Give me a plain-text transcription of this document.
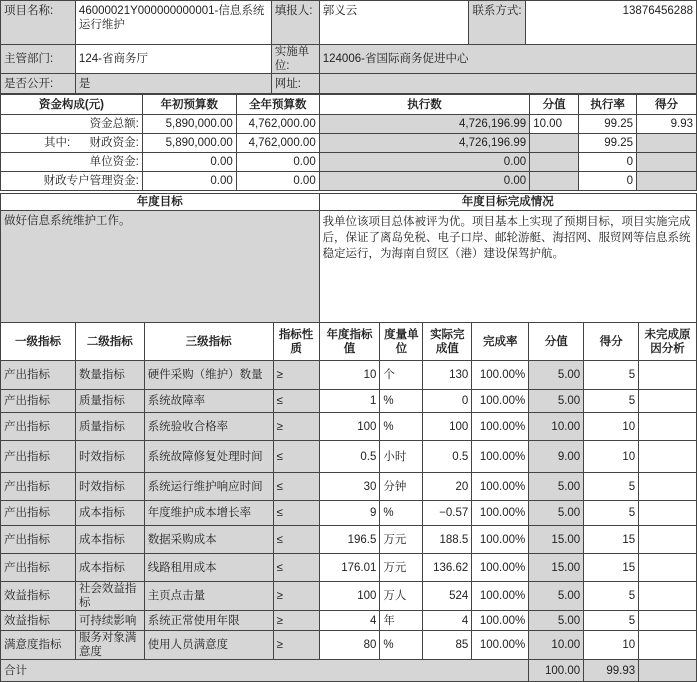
项目名称:	46000021Y000000000001-信息系统运行维护	填报人:	郭义云	联系方式:	13876456288
主管部门:	124-省商务厅	实施单位:	124006-省国际商务促进中心		
是否公开:	是	网址:			
资金构成(元)	年初预算数	全年预算数	执行数	分值	执行率	得分
资金总额:	5,890,000.00	4,762,000.00	4,726,196.99	10.00	99.25	9.93

其中: 财政资金:	5,890,000.00	4,762,000.00	4,726,196.99		99.25	
单位资金:	0.00	0.00	0.00		0	
财政专户管理资金:	0.00	0.00	0.00		0	
年度目标	年度目标完成情况
做好信息系统维护工作。	我单位该项目总体被评为优。项目基本上实现了预期目标，项目实施完成后，保证了离岛免税、电子口岸、邮轮游艇、海招网、服贸网等信息系统稳定运行，为海南自贸区（港）建设保驾护航。
一级指标	二级指标	三级指标	指标性质	年度指标值	度量单位	实际完成值	完成率	分值	得分	未完成原因分析
产出指标	数量指标	硬件采购（维护）数量	≥	10	个	130	100.00%	5.00	5	
产出指标	质量指标	系统故障率	≤	1	%	0	100.00%	5.00	5	
产出指标	质量指标	系统验收合格率	≥	100	%	100	100.00%	10.00	10	
产出指标	时效指标	系统故障修复处理时间	≤	0.5	小时	0.5	100.00%	9.00	10	
产出指标	时效指标	系统运行维护响应时间	≤	30	分钟	20	100.00%	5.00	5	
产出指标	成本指标	年度维护成本增长率	≤	9	%	−0.57	100.00%	5.00	5	
产出指标	成本指标	数据采购成本	≤	196.5	万元	188.5	100.00%	15.00	15	
产出指标	成本指标	线路租用成本	≤	176.01	万元	136.62	100.00%	15.00	15	
效益指标	社会效益指标	主页点击量	≥	100	万人	524	100.00%	5.00	5	
效益指标	可持续影响	系统正常使用年限	≥	4	年	4	100.00%	5.00	5	
满意度指标	服务对象满意度	使用人员满意度	≥	80	%	85	100.00%	10.00	10	
合计								100.00	99.93	
